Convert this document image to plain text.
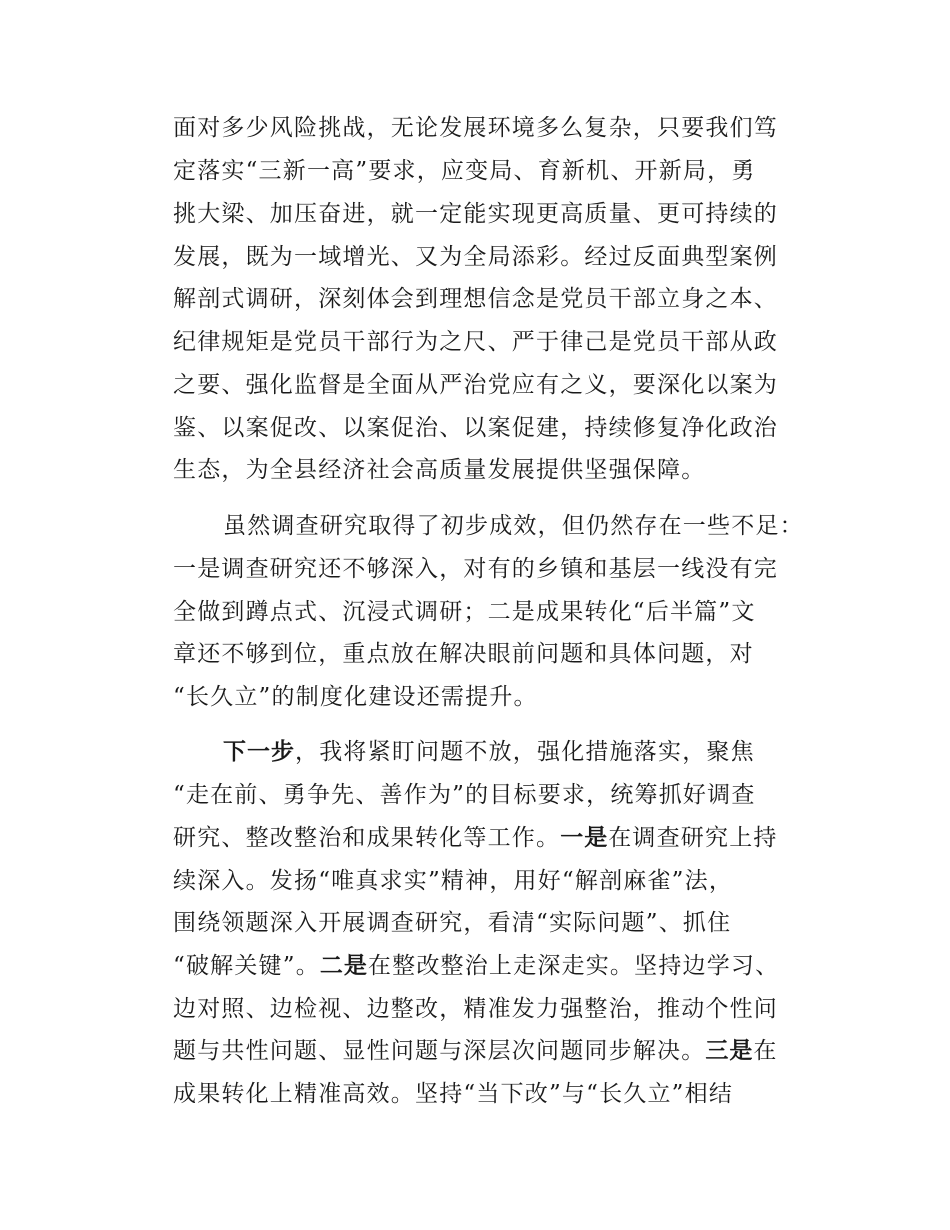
面对多少风险挑战，无论发展环境多么复杂，只要我们笃
定落实“三新一高”要求，应变局、育新机、开新局，勇
挑大梁、加压奋进，就一定能实现更高质量、更可持续的
发展，既为一域增光、又为全局添彩。经过反面典型案例
解剖式调研，深刻体会到理想信念是党员干部立身之本、
纪律规矩是党员干部行为之尺、严于律己是党员干部从政
之要、强化监督是全面从严治党应有之义，要深化以案为
鉴、以案促改、以案促治、以案促建，持续修复净化政治
生态，为全县经济社会高质量发展提供坚强保障。
虽然调查研究取得了初步成效，但仍然存在一些不足：
一是调查研究还不够深入，对有的乡镇和基层一线没有完
全做到蹲点式、沉浸式调研；二是成果转化“后半篇”文
章还不够到位，重点放在解决眼前问题和具体问题，对
“长久立”的制度化建设还需提升。
下一步，我将紧盯问题不放，强化措施落实，聚焦
“走在前、勇争先、善作为”的目标要求，统筹抓好调查
研究、整改整治和成果转化等工作。一是在调查研究上持
续深入。发扬“唯真求实”精神，用好“解剖麻雀”法，
围绕领题深入开展调查研究，看清“实际问题”、抓住
“破解关键”。二是在整改整治上走深走实。坚持边学习、
边对照、边检视、边整改，精准发力强整治，推动个性问
题与共性问题、显性问题与深层次问题同步解决。三是在
成果转化上精准高效。坚持“当下改”与“长久立”相结
